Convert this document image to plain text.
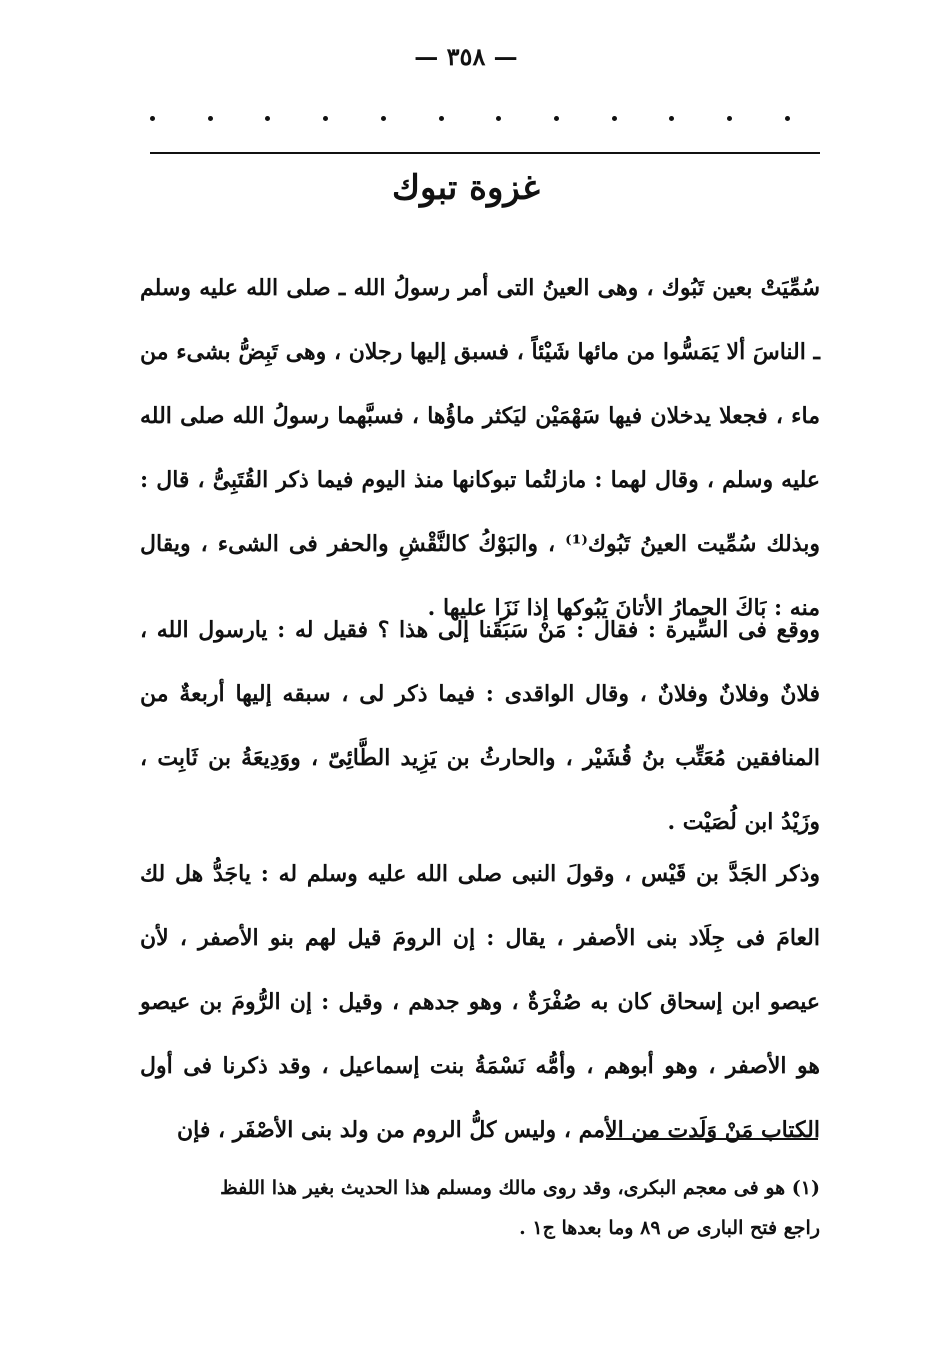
— ٣٥٨ —
غزوة تبوك

سُمِّيَتْ بعين تَبُوك ، وهى العينُ التى أمر رسولُ الله ـ صلى الله عليه وسلم ـ الناسَ ألا يَمَسُّوا من مائها شَيْئاً ، فسبق إليها رجلان ، وهى تَبِضُّ بشىء من ماء ، فجعلا يدخلان فيها سَهْمَيْن ليَكثر ماؤُها ، فسبَّهما رسولُ الله صلى الله عليه وسلم ، وقال لهما : مازلتُما تبوكانها منذ اليوم فيما ذكر القُتَبِىُّ ، قال : وبذلك سُمِّيت العينُ تَبُوك⁽¹⁾ ، والبَوْكُ كالنَّقْشِ والحفر فى الشىء ، ويقال منه : بَاكَ الحمارُ الأتانَ يَبُوكها إذا نَزَا عليها .

ووقع فى السِّيرة : فقال : مَنْ سَبَقَنا إلى هذا ؟ فقيل له : يارسول الله ، فلانٌ وفلانٌ وفلانٌ ، وقال الواقدى : فيما ذكر لى ، سبقه إليها أربعةٌ من المنافقين مُعَتِّب بنُ قُشَيْر ، والحارثُ بن يَزِيد الطَّائِىّ ، ووَدِيعَةُ بن ثَابِت ، وزَيْدُ ابن لُصَيْت .

وذكر الجَدَّ بن قَيْس ، وقولَ النبى صلى الله عليه وسلم له : ياجَدُّ هل لك العامَ فى جِلَاد بنى الأصفر ، يقال : إن الرومَ قيل لهم بنو الأصفر ، لأن عيصو ابن إسحاق كان به صُفْرَةٌ ، وهو جدهم ، وقيل : إن الرُّومَ بن عيصو هو الأصفر ، وهو أبوهم ، وأمُّه نَسْمَةُ بنت إسماعيل ، وقد ذكرنا فى أول الكتاب مَنْ وَلَدت من الأمم ، وليس كلُّ الروم من ولد بنى الأصْفَر ، فإن

(١) هو فى معجم البكرى، وقد روى مالك ومسلم هذا الحديث بغير هذا اللفظ

راجع فتح البارى ص ٨٩ وما بعدها ج١ .
